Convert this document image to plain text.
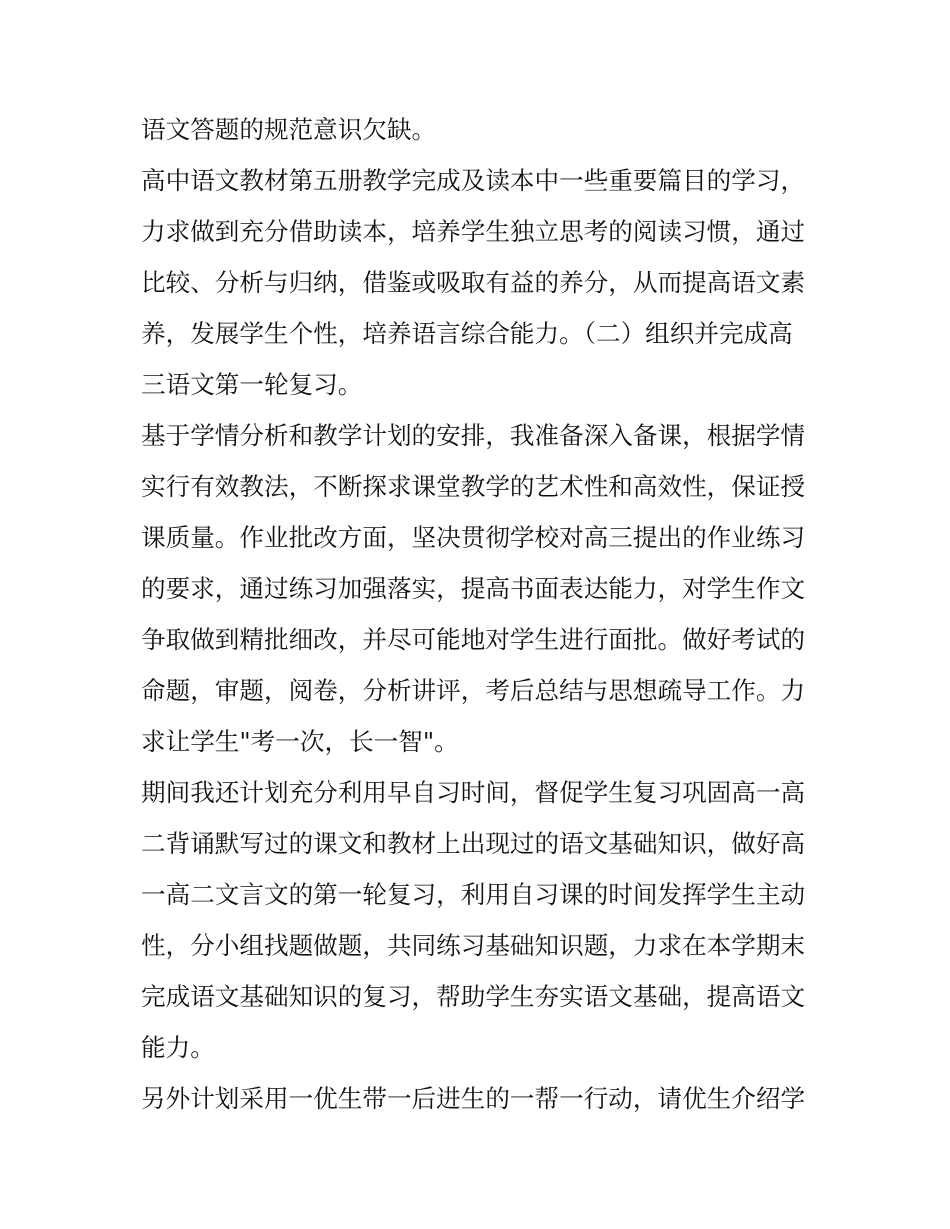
语文答题的规范意识欠缺。
高中语文教材第五册教学完成及读本中一些重要篇目的学习，
力求做到充分借助读本，培养学生独立思考的阅读习惯，通过
比较、分析与归纳，借鉴或吸取有益的养分，从而提高语文素
养，发展学生个性，培养语言综合能力。（二）组织并完成高
三语文第一轮复习。
基于学情分析和教学计划的安排，我准备深入备课，根据学情
实行有效教法，不断探求课堂教学的艺术性和高效性，保证授
课质量。作业批改方面，坚决贯彻学校对高三提出的作业练习
的要求，通过练习加强落实，提高书面表达能力，对学生作文
争取做到精批细改，并尽可能地对学生进行面批。做好考试的
命题，审题，阅卷，分析讲评，考后总结与思想疏导工作。力
求让学生"考一次，长一智"。
期间我还计划充分利用早自习时间，督促学生复习巩固高一高
二背诵默写过的课文和教材上出现过的语文基础知识，做好高
一高二文言文的第一轮复习，利用自习课的时间发挥学生主动
性，分小组找题做题，共同练习基础知识题，力求在本学期末
完成语文基础知识的复习，帮助学生夯实语文基础，提高语文
能力。
另外计划采用一优生带一后进生的一帮一行动，请优生介绍学
